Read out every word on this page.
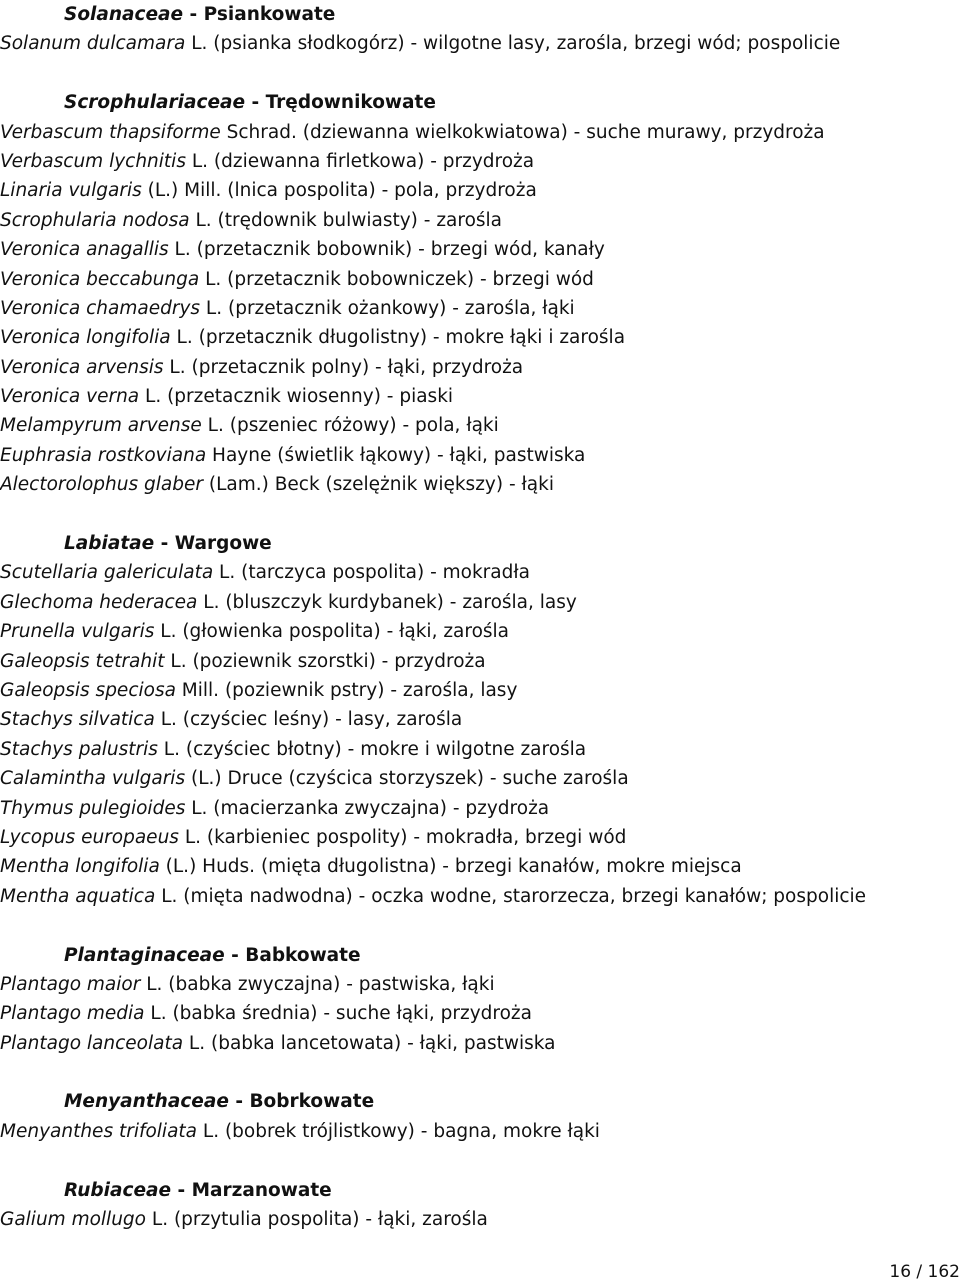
Solanaceae - Psiankowate
Solanum dulcamara L. (psianka słodkogórz) - wilgotne lasy, zarośla, brzegi wód; pospolicie
Scrophulariaceae - Trędownikowate
Verbascum thapsiforme Schrad. (dziewanna wielkokwiatowa) - suche murawy, przydroża
Verbascum lychnitis L. (dziewanna firletkowa) - przydroża
Linaria vulgaris (L.) Mill. (lnica pospolita) - pola, przydroża
Scrophularia nodosa L. (trędownik bulwiasty) - zarośla
Veronica anagallis L. (przetacznik bobownik) - brzegi wód, kanały
Veronica beccabunga L. (przetacznik bobowniczek) - brzegi wód
Veronica chamaedrys L. (przetacznik ożankowy) - zarośla, łąki
Veronica longifolia L. (przetacznik długolistny) - mokre łąki i zarośla
Veronica arvensis L. (przetacznik polny) - łąki, przydroża
Veronica verna L. (przetacznik wiosenny) - piaski
Melampyrum arvense L. (pszeniec różowy) - pola, łąki
Euphrasia rostkoviana Hayne (świetlik łąkowy) - łąki, pastwiska
Alectorolophus glaber (Lam.) Beck (szelężnik większy) - łąki
Labiatae - Wargowe
Scutellaria galericulata L. (tarczyca pospolita) - mokradła
Glechoma hederacea L. (bluszczyk kurdybanek) - zarośla, lasy
Prunella vulgaris L. (głowienka pospolita) - łąki, zarośla
Galeopsis tetrahit L. (poziewnik szorstki) - przydroża
Galeopsis speciosa Mill. (poziewnik pstry) - zarośla, lasy
Stachys silvatica L. (czyściec leśny) - lasy, zarośla
Stachys palustris L. (czyściec błotny) - mokre i wilgotne zarośla
Calamintha vulgaris (L.) Druce (czyścica storzyszek) - suche zarośla
Thymus pulegioides L. (macierzanka zwyczajna) - pzydroża
Lycopus europaeus L. (karbieniec pospolity) - mokradła, brzegi wód
Mentha longifolia (L.) Huds. (mięta długolistna) - brzegi kanałów, mokre miejsca
Mentha aquatica L. (mięta nadwodna) - oczka wodne, starorzecza, brzegi kanałów; pospolicie
Plantaginaceae - Babkowate
Plantago maior L. (babka zwyczajna) - pastwiska, łąki
Plantago media L. (babka średnia) - suche łąki, przydroża
Plantago lanceolata L. (babka lancetowata) - łąki, pastwiska
Menyanthaceae - Bobrkowate
Menyanthes trifoliata L. (bobrek trójlistkowy) - bagna, mokre łąki
Rubiaceae - Marzanowate
Galium mollugo L. (przytulia pospolita) - łąki, zarośla
16 / 162
